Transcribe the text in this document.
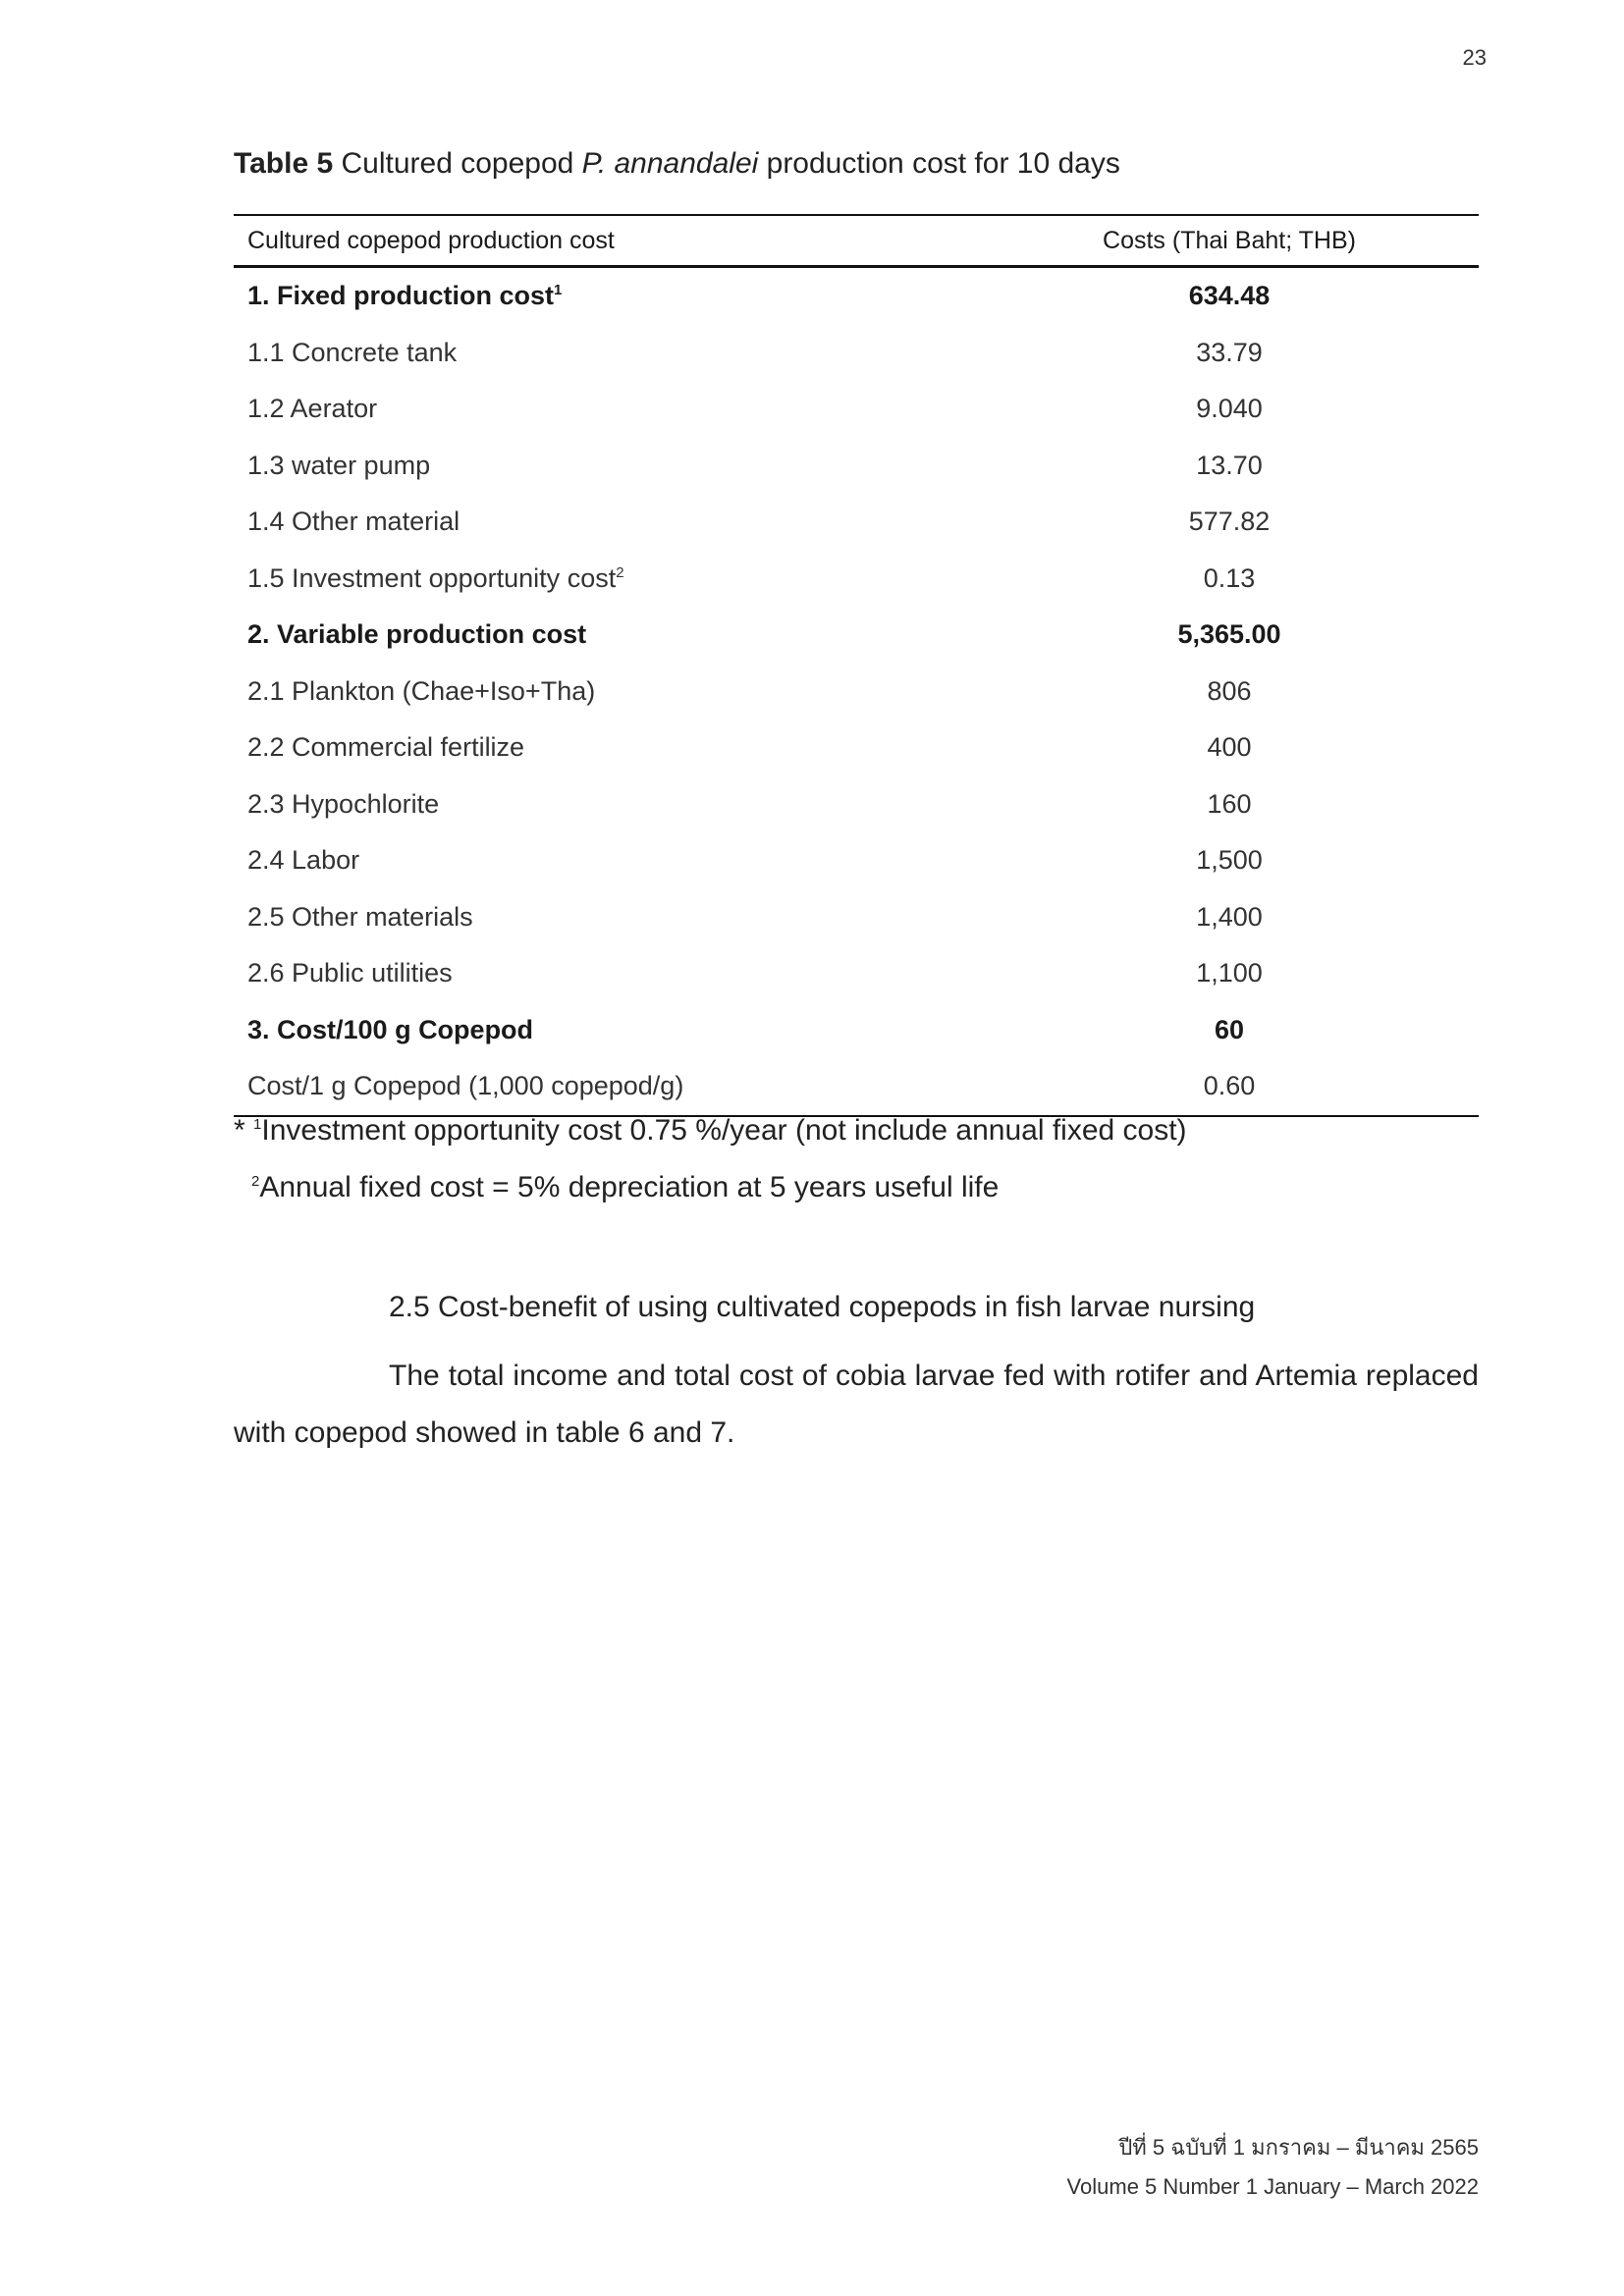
23
Table 5 Cultured copepod P. annandalei production cost for 10 days
Cultured copepod production cost	Costs (Thai Baht; THB)
1. Fixed production cost$^1$	634.48
1.1 Concrete tank	33.79
1.2 Aerator	9.040
1.3 water pump	13.70
1.4 Other material	577.82
1.5 Investment opportunity cost$^2$	0.13
2. Variable production cost	5,365.00
2.1 Plankton (Chae+Iso+Tha)	806
2.2 Commercial fertilize	400
2.3 Hypochlorite	160
2.4 Labor	1,500
2.5 Other materials	1,400
2.6 Public utilities	1,100
3. Cost/100 g Copepod	60
Cost/1 g Copepod (1,000 copepod/g)	0.60
* $^1$Investment opportunity cost 0.75 %/year (not include annual fixed cost)
$^2$Annual fixed cost = 5% depreciation at 5 years useful life
2.5 Cost-benefit of using cultivated copepods in fish larvae nursing
The total income and total cost of cobia larvae fed with rotifer and Artemia replaced with copepod showed in table 6 and 7.
ปีที่ 5 ฉบับที่ 1 มกราคม – มีนาคม 2565
Volume 5 Number 1 January – March 2022
